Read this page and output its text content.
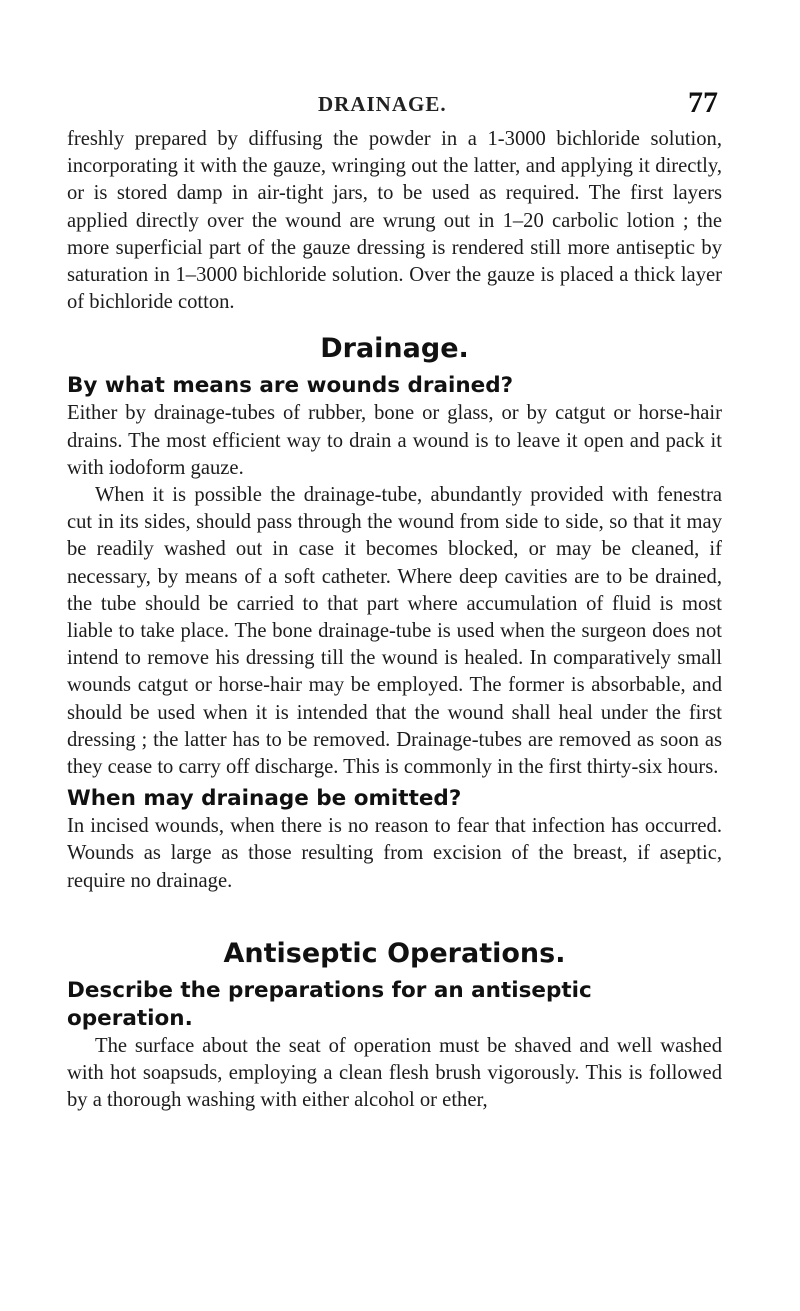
DRAINAGE.	77

freshly prepared by diffusing the powder in a 1-3000 bichloride solution, incorporating it with the gauze, wringing out the latter, and applying it directly, or is stored damp in air-tight jars, to be used as required. The first layers applied directly over the wound are wrung out in 1–20 carbolic lotion ; the more superficial part of the gauze dressing is rendered still more antiseptic by saturation in 1–3000 bichloride solution. Over the gauze is placed a thick layer of bichloride cotton.

Drainage.
By what means are wounds drained?

Either by drainage-tubes of rubber, bone or glass, or by catgut or horse-hair drains. The most efficient way to drain a wound is to leave it open and pack it with iodoform gauze.

When it is possible the drainage-tube, abundantly provided with fenestra cut in its sides, should pass through the wound from side to side, so that it may be readily washed out in case it becomes blocked, or may be cleaned, if necessary, by means of a soft catheter. Where deep cavities are to be drained, the tube should be carried to that part where accumulation of fluid is most liable to take place. The bone drainage-tube is used when the surgeon does not intend to remove his dressing till the wound is healed. In comparatively small wounds catgut or horse-hair may be employed. The former is absorbable, and should be used when it is intended that the wound shall heal under the first dressing ; the latter has to be removed. Drainage-tubes are removed as soon as they cease to carry off discharge. This is commonly in the first thirty-six hours.

When may drainage be omitted?

In incised wounds, when there is no reason to fear that infection has occurred. Wounds as large as those resulting from excision of the breast, if aseptic, require no drainage.

Antiseptic Operations.
Describe the preparations for an antiseptic operation.

The surface about the seat of operation must be shaved and well washed with hot soapsuds, employing a clean flesh brush vigorously. This is followed by a thorough washing with either alcohol or ether,
